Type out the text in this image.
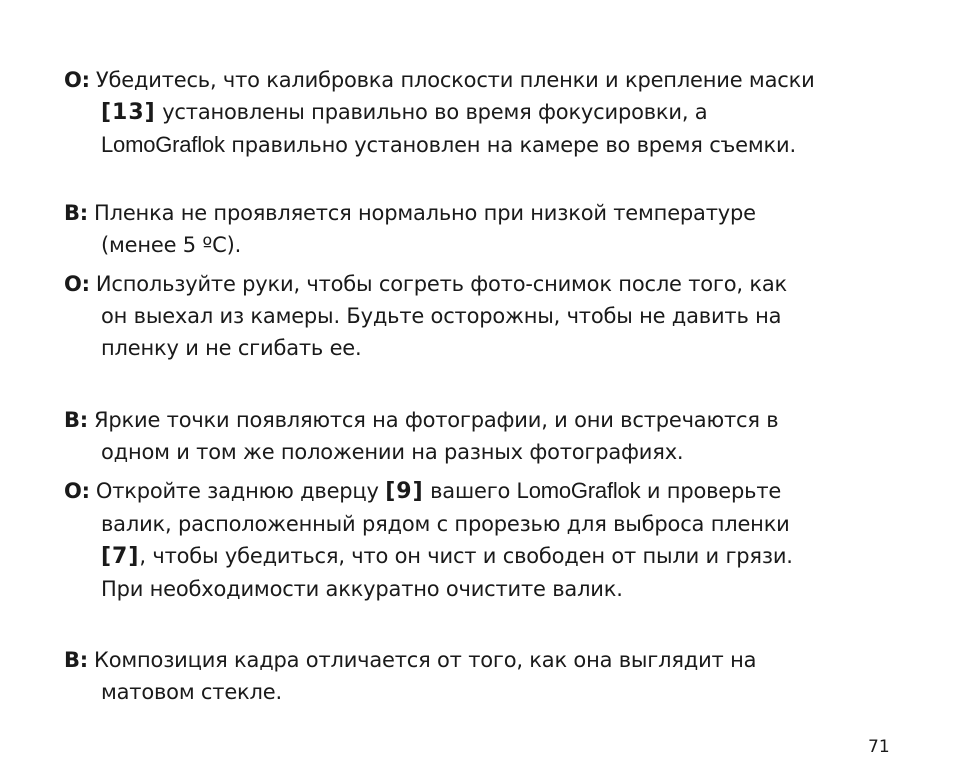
О: Убедитесь, что калибровка плоскости пленки и крепление маски
[13] установлены правильно во время фокусировки, а
LomoGraflok правильно установлен на камере во время съемки.
В: Пленка не проявляется нормально при низкой температуре
(менее 5 ºC).
О: Используйте руки, чтобы согреть фото-снимок после того, как
он выехал из камеры. Будьте осторожны, чтобы не давить на
пленку и не сгибать ее.
В: Яркие точки появляются на фотографии, и они встречаются в
одном и том же положении на разных фотографиях.
О: Откройте заднюю дверцу [9] вашего LomoGraflok и проверьте
валик, расположенный рядом с прорезью для выброса пленки
[7], чтобы убедиться, что он чист и свободен от пыли и грязи.
При необходимости аккуратно очистите валик.
В: Композиция кадра отличается от того, как она выглядит на
матовом стекле.
71
